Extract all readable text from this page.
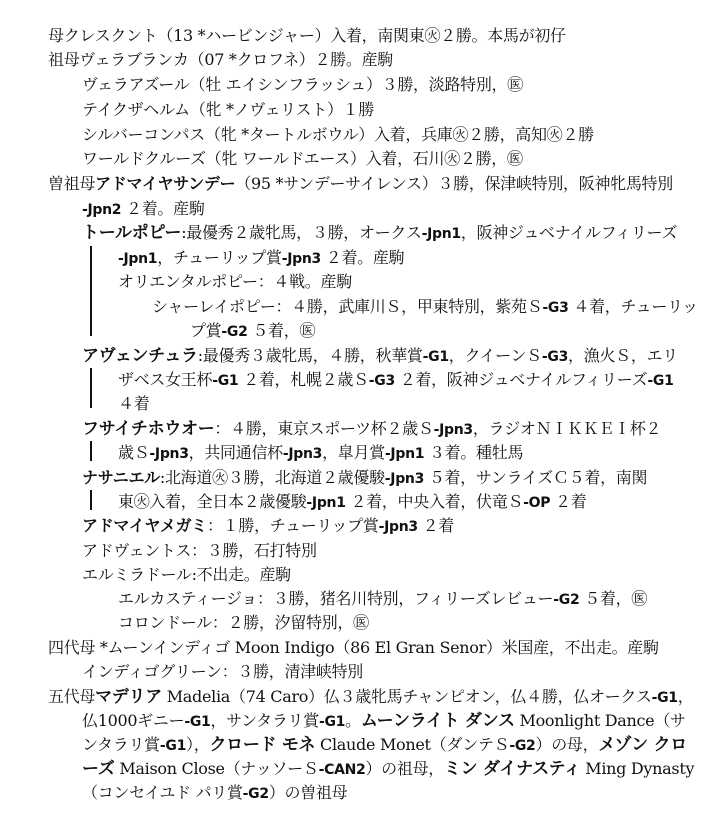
母クレスクント（13 *ハービンジャー）入着，南関東㊋２勝。本馬が初仔
祖母ヴェラブランカ（07 *クロフネ）２勝。産駒
ヴェラアズール（牡 エイシンフラッシュ）３勝，淡路特別，㊩
テイクザヘルム（牝 *ノヴェリスト）１勝
シルバーコンパス（牝 *タートルボウル）入着，兵庫㊋２勝，高知㊋２勝
ワールドクルーズ（牝 ワールドエース）入着，石川㊋２勝，㊩
曽祖母アドマイヤサンデー（95 *サンデーサイレンス）３勝，保津峡特別，阪神牝馬特別
-Jpn2 ２着。産駒
トールポピー:最優秀２歳牝馬，３勝，オークス-Jpn1，阪神ジュベナイルフィリーズ
-Jpn1，チューリップ賞-Jpn3 ２着。産駒
オリエンタルポピー：４戦。産駒
シャーレイポピー：４勝，武庫川Ｓ，甲東特別，紫苑Ｓ-G3 ４着，チューリッ
プ賞-G2 ５着，㊩
アヴェンチュラ:最優秀３歳牝馬，４勝，秋華賞-G1，クイーンＳ-G3，漁火Ｓ，エリ
ザベス女王杯-G1 ２着，札幌２歳Ｓ-G3 ２着，阪神ジュベナイルフィリーズ-G1
４着
フサイチホウオー：４勝，東京スポーツ杯２歳Ｓ-Jpn3，ラジオＮＩＫＫＥＩ杯２
歳Ｓ-Jpn3，共同通信杯-Jpn3，皐月賞-Jpn1 ３着。種牡馬
ナサニエル:北海道㊋３勝，北海道２歳優駿-Jpn3 ５着，サンライズＣ５着，南関
東㊋入着，全日本２歳優駿-Jpn1 ２着，中央入着，伏竜Ｓ-OP ２着
アドマイヤメガミ：１勝，チューリップ賞-Jpn3 ２着
アドヴェントス：３勝，石打特別
エルミラドール:不出走。産駒
エルカスティージョ：３勝，猪名川特別，フィリーズレビュー-G2 ５着，㊩
コロンドール：２勝，汐留特別，㊩
四代母 *ムーンインディゴ Moon Indigo（86 El Gran Senor）米国産，不出走。産駒
インディゴグリーン：３勝，清津峡特別
五代母マデリア Madelia（74 Caro）仏３歳牝馬チャンピオン，仏４勝，仏オークス-G1，
仏1000ギニー-G1，サンタラリ賞-G1。ムーンライト ダンス Moonlight Dance（サ
ンタラリ賞-G1），クロード モネ Claude Monet（ダンテＳ-G2）の母，メゾン クロ
ーズ Maison Close（ナッソーＳ-CAN2）の祖母，ミン ダイナスティ Ming Dynasty
（コンセイユド パリ賞-G2）の曽祖母
